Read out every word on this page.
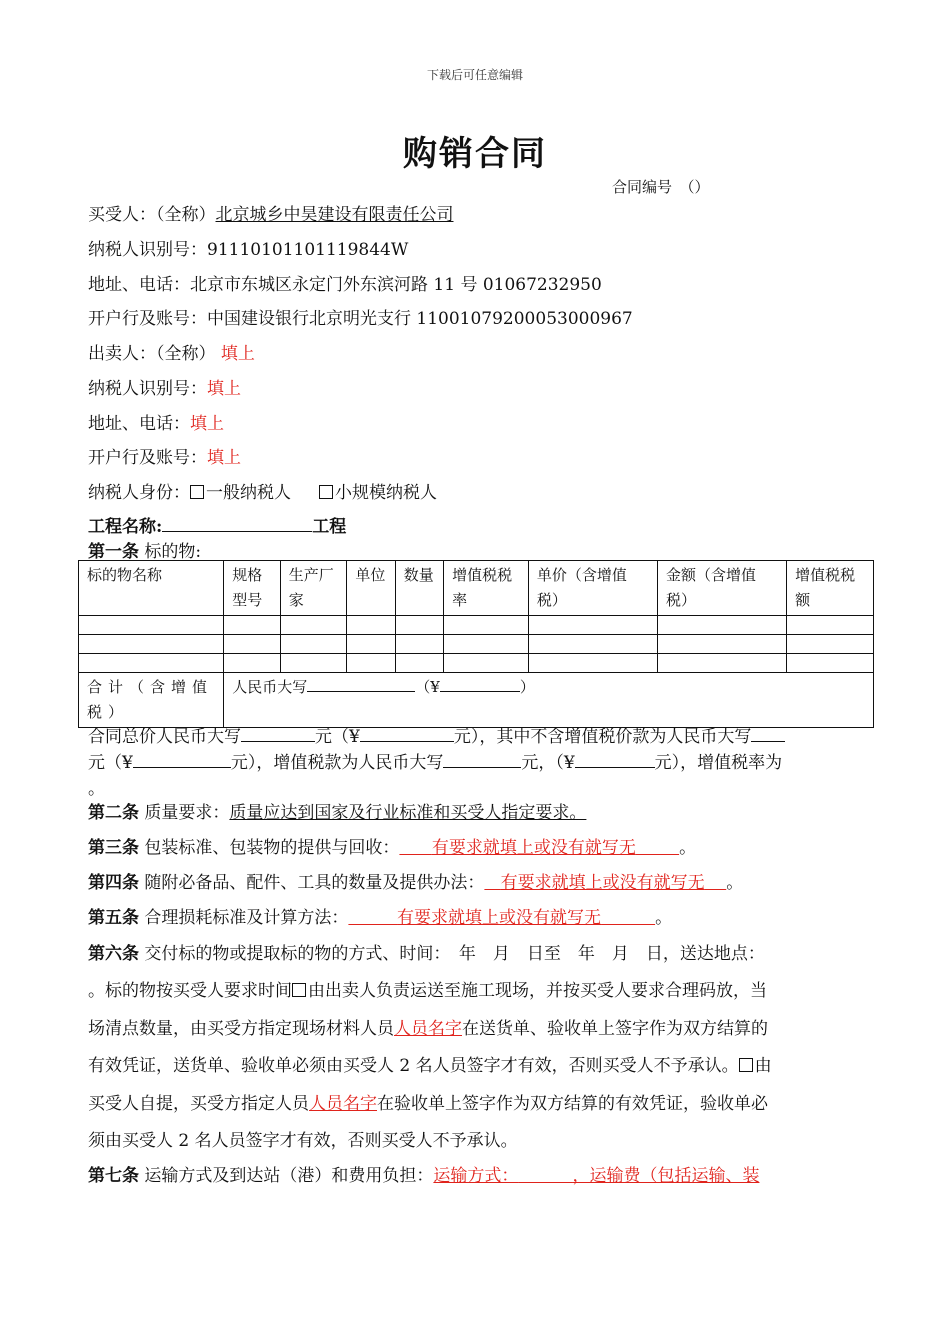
下载后可任意编辑
购销合同
合同编号　（）
买受人：（全称）北京城乡中昊建设有限责任公司
纳税人识别号：91110101101119844W
地址、电话：北京市东城区永定门外东滨河路 11 号 01067232950
开户行及账号：中国建设银行北京明光支行 11001079200053000967
出卖人：（全称） 填上
纳税人识别号：填上
地址、电话：填上
开户行及账号：填上
纳税人身份： 一般纳税人	小规模纳税人
工程名称:	工程
第一条 标的物:
标的物名称	规格型号	生产厂家	单位	数量	增值税税率	单价（含增值税）	金额（含增值税）	增值税税额

合计（含增值税）	人民币大写 （¥ ）							
合同总价人民币大写	元（¥	元），其中不含增值税价款为人民币大写
元（¥	元），增值税款为人民币大写	元，（¥	元），增值税率为
。
第二条 质量要求：质量应达到国家及行业标准和买受人指定要求。
第三条 包装标准、包装物的提供与回收： 有要求就填上或没有就写无	。
第四条 随附必备品、配件、工具的数量及提供办法： 有要求就填上或没有就写无 。
第五条 合理损耗标准及计算方法：	有要求就填上或没有就写无	。
第六条 交付标的物或提取标的物的方式、时间：　年　月　日至　年　月　日，送达地点：
。标的物按买受人要求时间 由出卖人负责运送至施工现场，并按买受人要求合理码放，当
场清点数量，由买受方指定现场材料人员人员名字在送货单、验收单上签字作为双方结算的
有效凭证，送货单、验收单必须由买受人 2 名人员签字才有效，否则买受人不予承认。 由
买受人自提，买受方指定人员人员名字在验收单上签字作为双方结算的有效凭证，验收单必
须由买受人 2 名人员签字才有效，否则买受人不予承认。
第七条 运输方式及到达站（港）和费用负担：运输方式：	，运输费（包括运输、装
